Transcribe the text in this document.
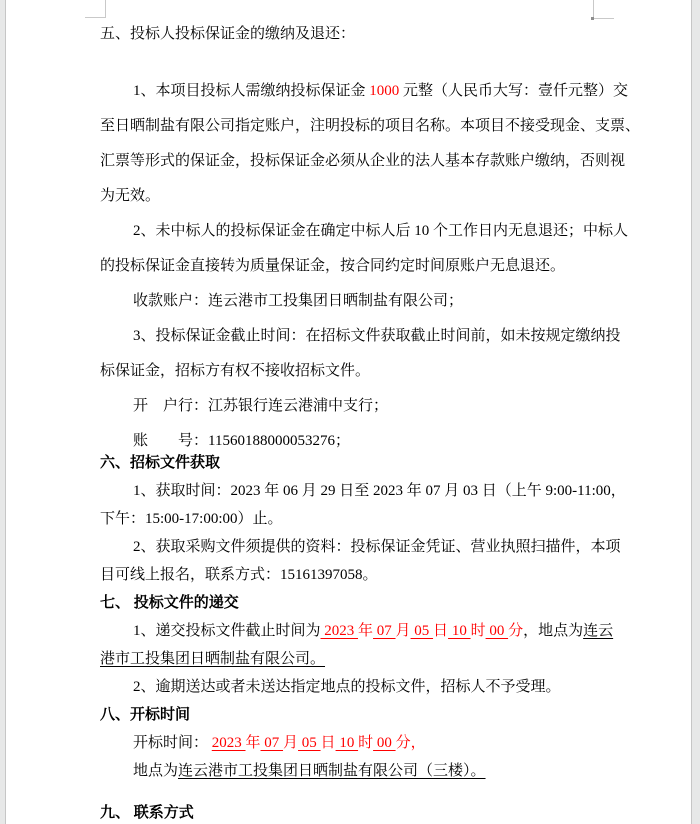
五、投标人投标保证金的缴纳及退还：
1、本项目投标人需缴纳投标保证金 1000 元整（人民币大写：壹仟元整）交
至日晒制盐有限公司指定账户，注明投标的项目名称。本项目不接受现金、支票、
汇票等形式的保证金，投标保证金必须从企业的法人基本存款账户缴纳，否则视
为无效。
2、未中标人的投标保证金在确定中标人后 10 个工作日内无息退还；中标人
的投标保证金直接转为质量保证金，按合同约定时间原账户无息退还。
收款账户：连云港市工投集团日晒制盐有限公司；
3、投标保证金截止时间：在招标文件获取截止时间前，如未按规定缴纳投
标保证金，招标方有权不接收招标文件。
开　户行：江苏银行连云港浦中支行；
账　　号：11560188000053276；
六、招标文件获取
1、获取时间：2023 年 06 月 29 日至 2023 年 07 月 03 日（上午 9:00-11:00，
下午：15:00-17:00:00）止。
2、获取采购文件须提供的资料：投标保证金凭证、营业执照扫描件，本项
目可线上报名，联系方式：15161397058。
七、 投标文件的递交
1、递交投标文件截止时间为 2023 年 07 月 05 日 10 时 00 分，地点为连云
港市工投集团日晒制盐有限公司。
2、逾期送达或者未送达指定地点的投标文件，招标人不予受理。
八、开标时间
开标时间： 2023 年 07 月 05 日 10 时 00 分，
地点为连云港市工投集团日晒制盐有限公司（三楼）。
九、 联系方式
